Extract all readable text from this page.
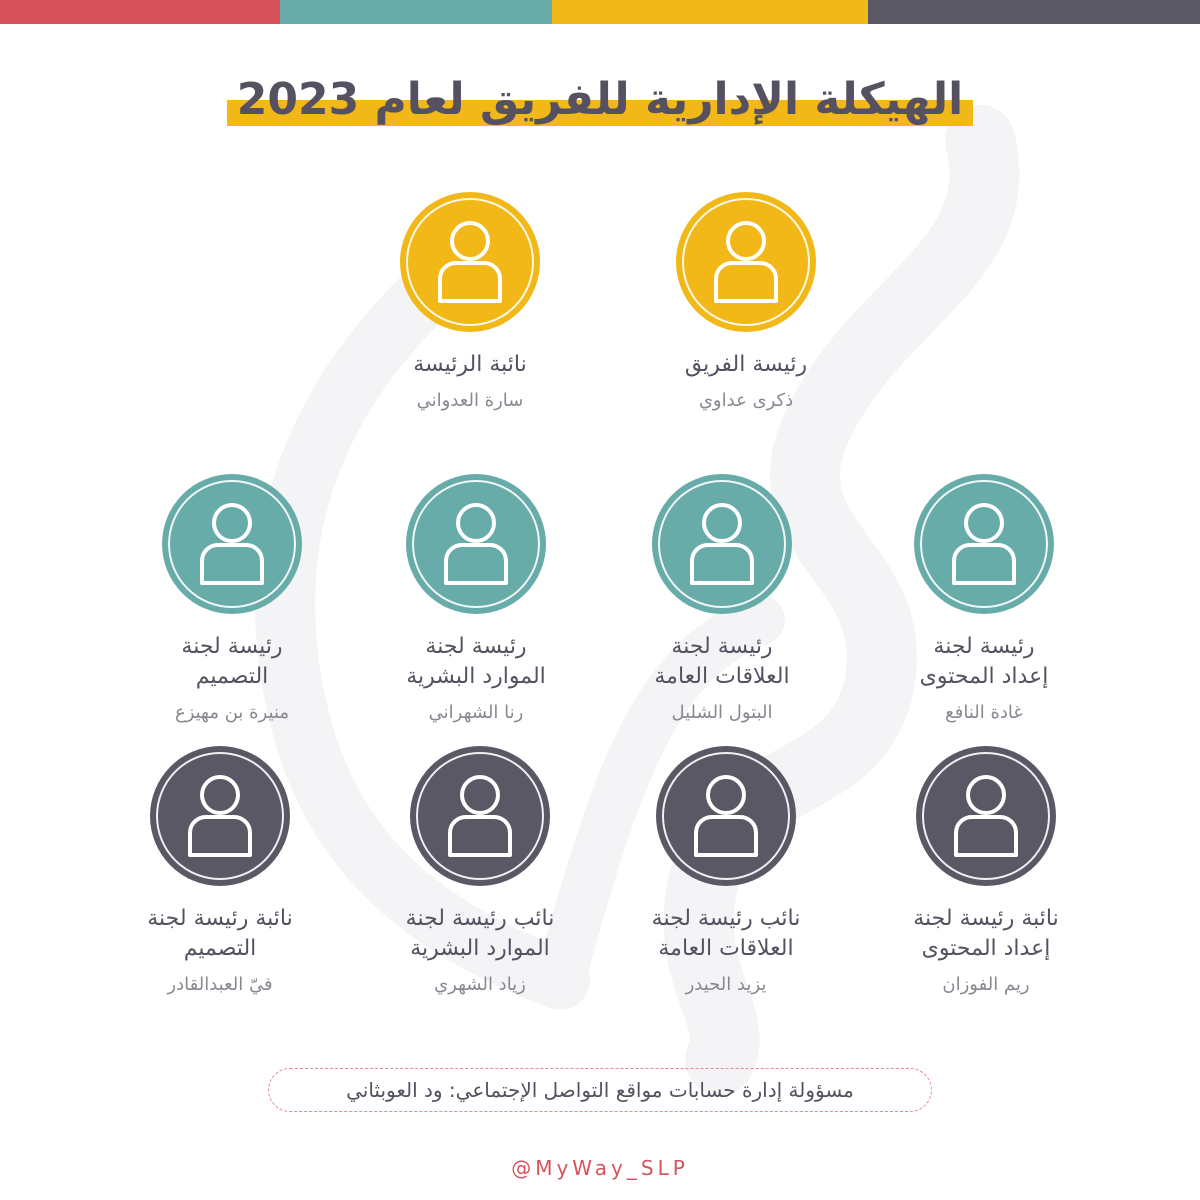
الهيكلة الإدارية للفريق لعام 2023
رئيسة الفريق
ذكرى عداوي
نائبة الرئيسة
سارة العدواني
رئيسة لجنة
إعداد المحتوى
غادة النافع
رئيسة لجنة
العلاقات العامة
البتول الشليل
رئيسة لجنة
الموارد البشرية
رنا الشهراني
رئيسة لجنة
التصميم
منيرة بن مهيزع
نائبة رئيسة لجنة
إعداد المحتوى
ريم الفوزان
نائب رئيسة لجنة
العلاقات العامة
يزيد الحيدر
نائب رئيسة لجنة
الموارد البشرية
زياد الشهري
نائبة رئيسة لجنة
التصميم
فيّ العبدالقادر
مسؤولة إدارة حسابات مواقع التواصل الإجتماعي: ود العوبثاني
@MyWay_SLP
